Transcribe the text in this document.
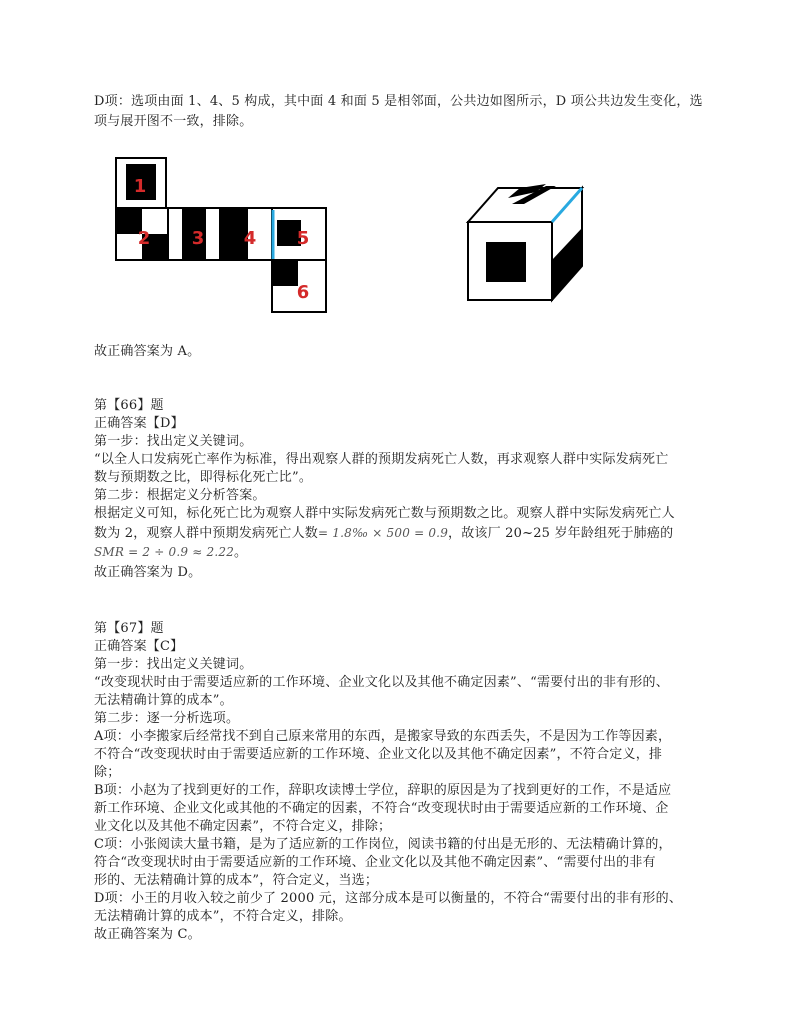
D项：选项由面 1、4、5 构成，其中面 4 和面 5 是相邻面，公共边如图所示，D 项公共边发生变化，选
项与展开图不一致，排除。
1
2 3 4 5
6
故正确答案为 A。
第【66】题
正确答案【D】
第一步：找出定义关键词。
“以全人口发病死亡率作为标准，得出观察人群的预期发病死亡人数，再求观察人群中实际发病死亡
数与预期数之比，即得标化死亡比”。
第二步：根据定义分析答案。
根据定义可知，标化死亡比为观察人群中实际发病死亡数与预期数之比。观察人群中实际发病死亡人
数为 2，观察人群中预期发病死亡人数= 1.8‰ × 500 = 0.9，故该厂 20~25 岁年龄组死于肺癌的
SMR = 2 ÷ 0.9 ≈ 2.22。
故正确答案为 D。
第【67】题
正确答案【C】
第一步：找出定义关键词。
“改变现状时由于需要适应新的工作环境、企业文化以及其他不确定因素”、“需要付出的非有形的、
无法精确计算的成本”。
第二步：逐一分析选项。
A项：小李搬家后经常找不到自己原来常用的东西，是搬家导致的东西丢失，不是因为工作等因素，
不符合“改变现状时由于需要适应新的工作环境、企业文化以及其他不确定因素”，不符合定义，排
除；
B项：小赵为了找到更好的工作，辞职攻读博士学位，辞职的原因是为了找到更好的工作，不是适应
新工作环境、企业文化或其他的不确定的因素，不符合“改变现状时由于需要适应新的工作环境、企
业文化以及其他不确定因素”，不符合定义，排除；
C项：小张阅读大量书籍，是为了适应新的工作岗位，阅读书籍的付出是无形的、无法精确计算的，
符合“改变现状时由于需要适应新的工作环境、企业文化以及其他不确定因素”、“需要付出的非有
形的、无法精确计算的成本”，符合定义，当选；
D项：小王的月收入较之前少了 2000 元，这部分成本是可以衡量的，不符合“需要付出的非有形的、
无法精确计算的成本”，不符合定义，排除。
故正确答案为 C。
